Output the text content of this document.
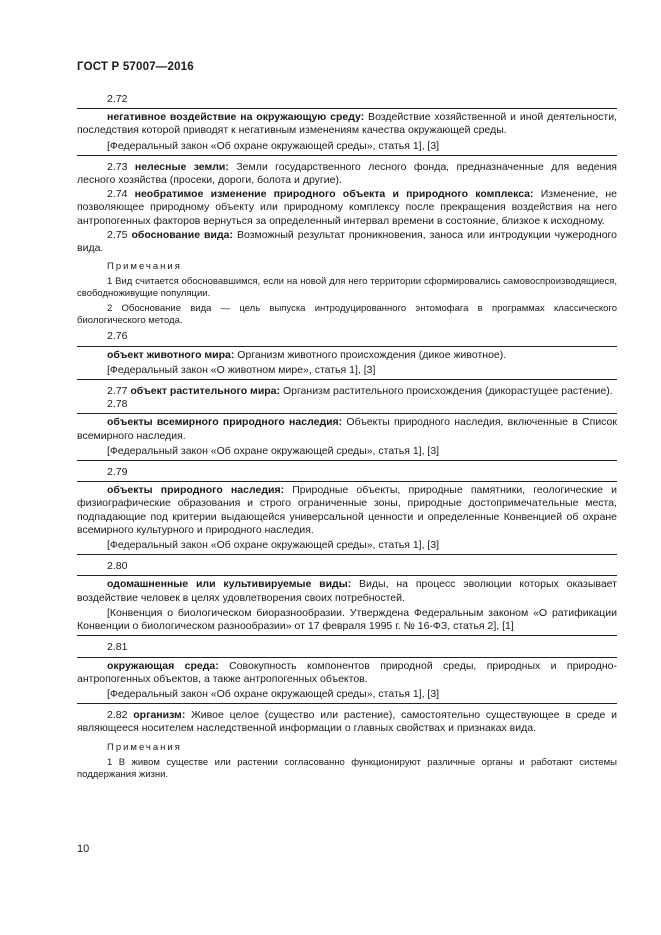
ГОСТ Р 57007—2016

2.72

негативное воздействие на окружающую среду: Воздействие хозяйственной и иной деятельности, последствия которой приводят к негативным изменениям качества окружающей среды.

[Федеральный закон «Об охране окружающей среды», статья 1], [3]

2.73 нелесные земли: Земли государственного лесного фонда, предназначенные для ведения лесного хозяйства (просеки, дороги, болота и другие).

2.74 необратимое изменение природного объекта и природного комплекса: Изменение, не позволяющее природному объекту или природному комплексу после прекращения воздействия на него антропогенных факторов вернуться за определенный интервал времени в состояние, близкое к исходному.

2.75 обоснование вида: Возможный результат проникновения, заноса или интродукции чужеродного вида.

Примечания

1 Вид считается обосновавшимся, если на новой для него территории сформировались самовоспроизводящиеся, свободноживущие популяции.

2 Обоснование вида — цель выпуска интродуцированного энтомофага в программах классического биологического метода.

2.76

объект животного мира: Организм животного происхождения (дикое животное).

[Федеральный закон «О животном мире», статья 1], [3]

2.77 объект растительного мира: Организм растительного происхождения (дикорастущее растение).

2.78

объекты всемирного природного наследия: Объекты природного наследия, включенные в Список всемирного наследия.

[Федеральный закон «Об охране окружающей среды», статья 1], [3]

2.79

объекты природного наследия: Природные объекты, природные памятники, геологические и физиографические образования и строго ограниченные зоны, природные достопримечательные места, подпадающие под критерии выдающейся универсальной ценности и определенные Конвенцией об охране всемирного культурного и природного наследия.

[Федеральный закон «Об охране окружающей среды», статья 1], [3]

2.80

одомашненные или культивируемые виды: Виды, на процесс эволюции которых оказывает воздействие человек в целях удовлетворения своих потребностей.

[Конвенция о биологическом биоразнообразии. Утверждена Федеральным законом «О ратификации Конвенции о биологическом разнообразии» от 17 февраля 1995 г. № 16-ФЗ, статья 2], [1]

2.81

окружающая среда: Совокупность компонентов природной среды, природных и природно-антропогенных объектов, а также антропогенных объектов.

[Федеральный закон «Об охране окружающей среды», статья 1], [3]

2.82 организм: Живое целое (существо или растение), самостоятельно существующее в среде и являющееся носителем наследственной информации о главных свойствах и признаках вида.

Примечания

1 В живом существе или растении согласованно функционируют различные органы и работают системы поддержания жизни.

10
